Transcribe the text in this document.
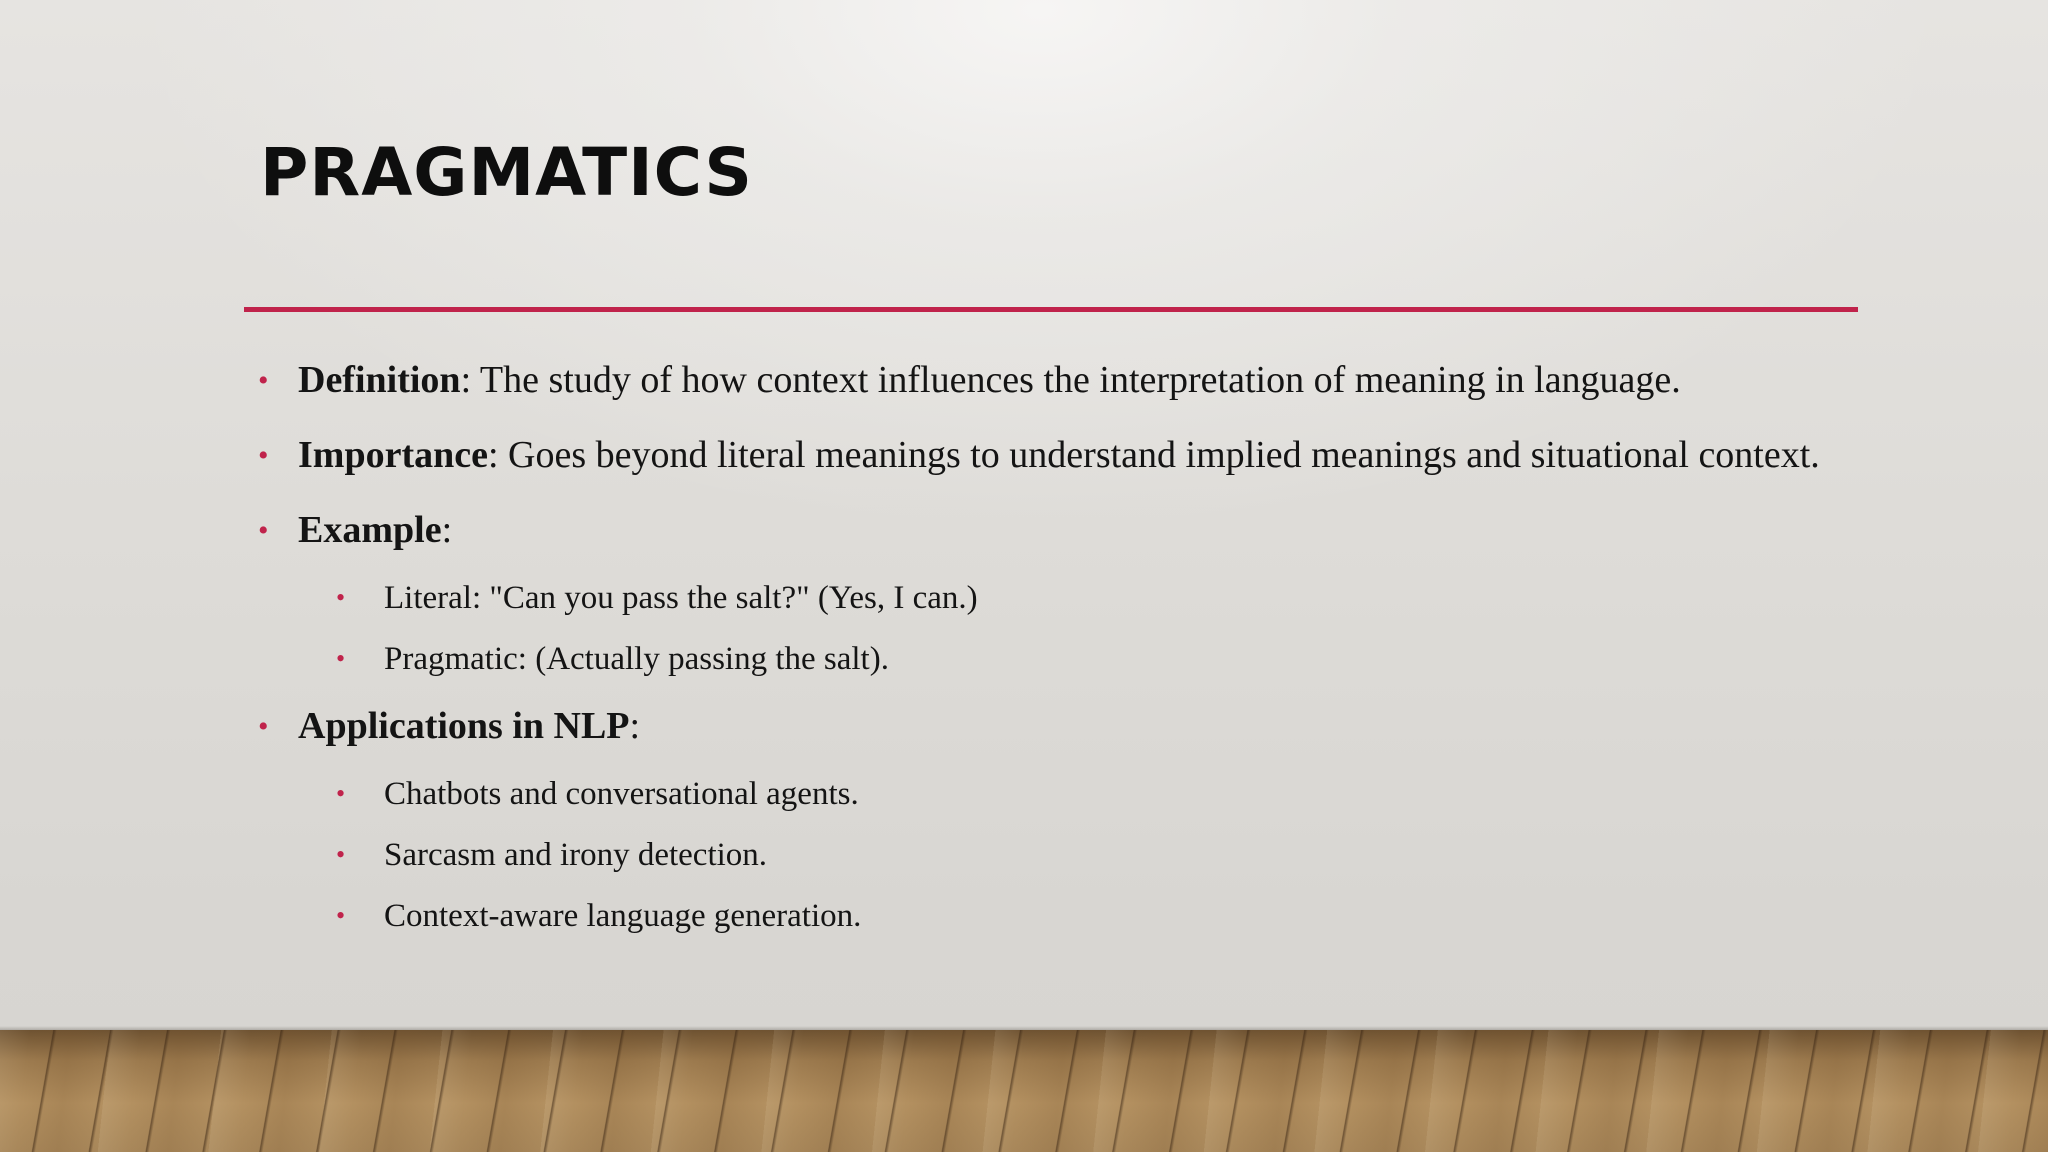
PRAGMATICS
• Definition: The study of how context influences the interpretation of meaning in language.
• Importance: Goes beyond literal meanings to understand implied meanings and situational context.
• Example:
• Literal: "Can you pass the salt?" (Yes, I can.)
• Pragmatic: (Actually passing the salt).
• Applications in NLP:
• Chatbots and conversational agents.
• Sarcasm and irony detection.
• Context-aware language generation.
